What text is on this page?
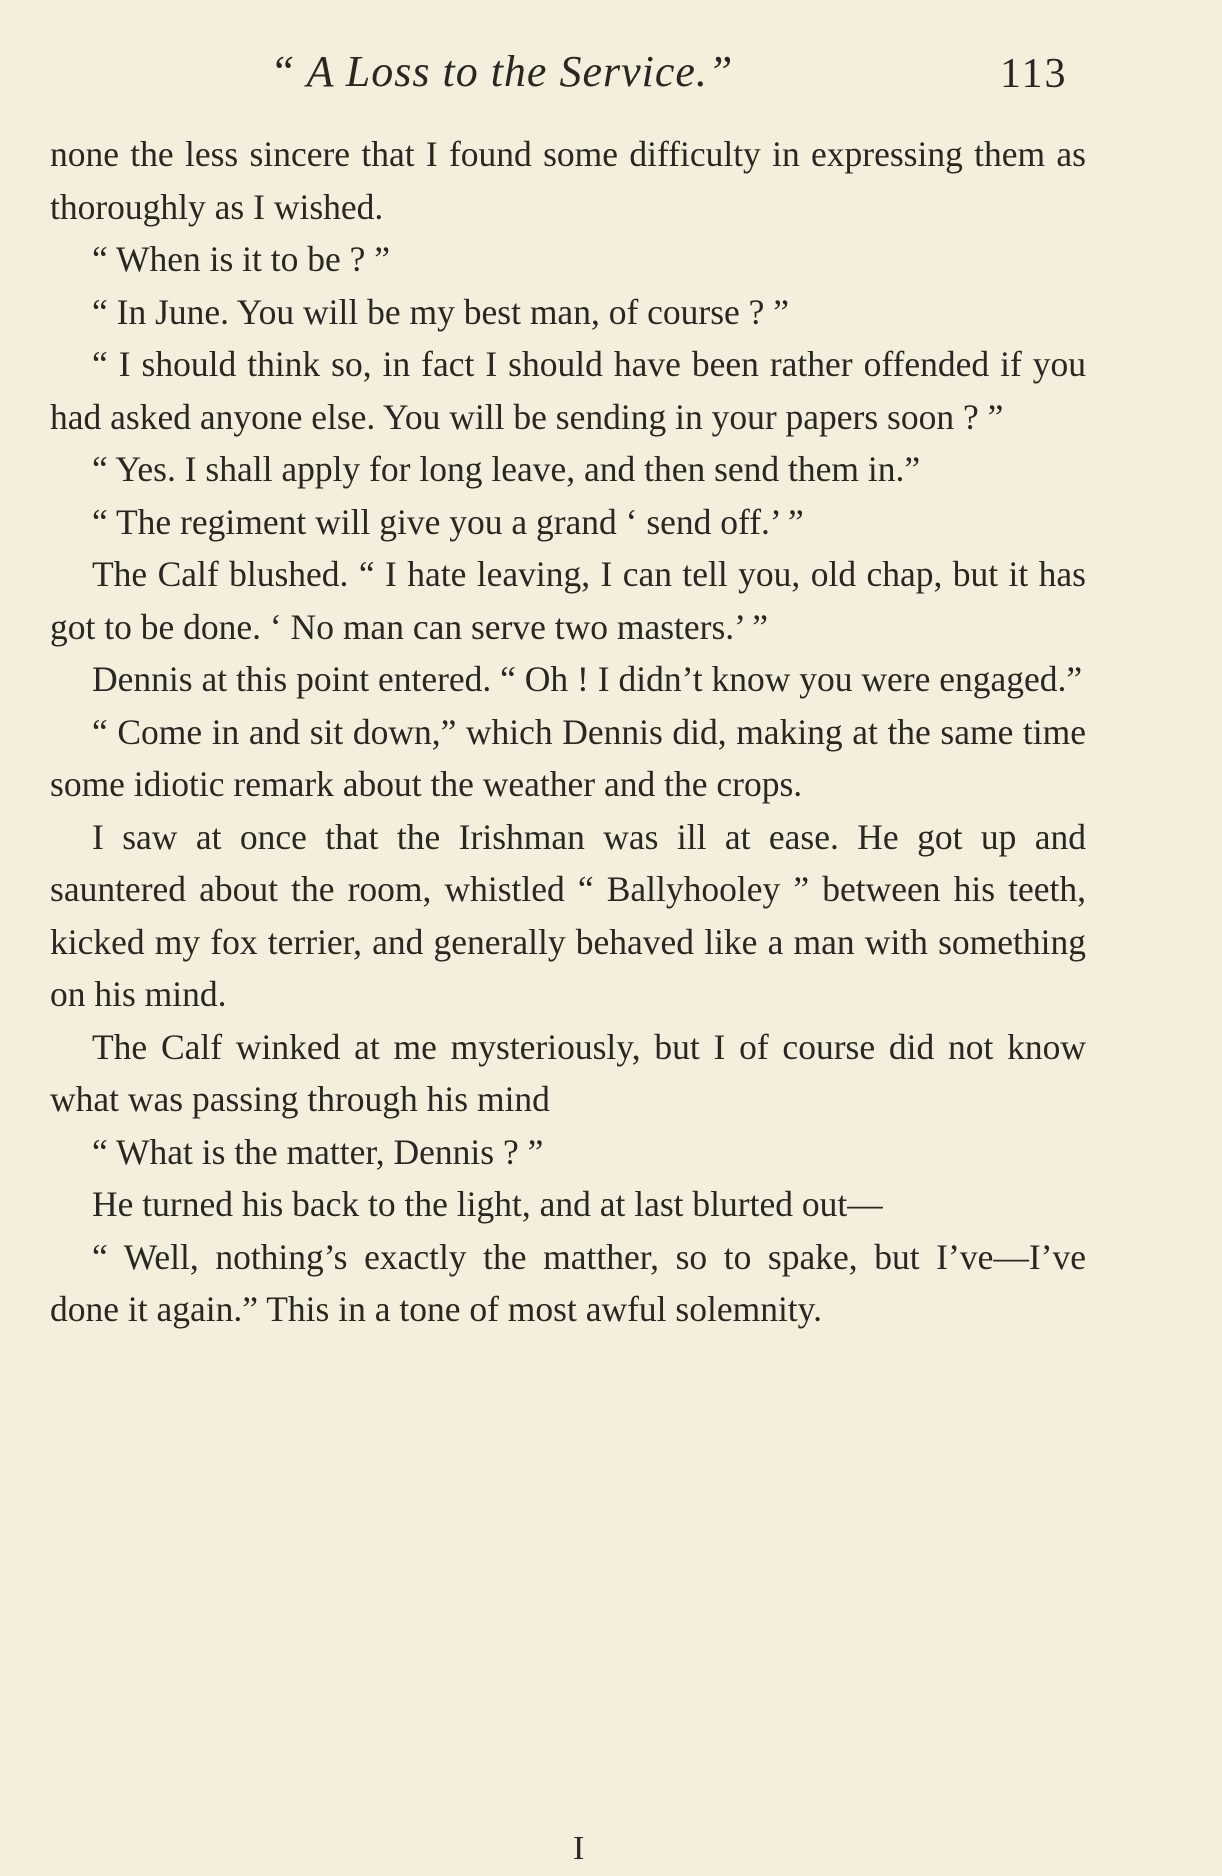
“ A Loss to the Service.”	113

none the less sincere that I found some difficulty in expressing them as thoroughly as I wished.

“ When is it to be ? ”

“ In June. You will be my best man, of course ? ”

“ I should think so, in fact I should have been rather offended if you had asked anyone else. You will be sending in your papers soon ? ”

“ Yes. I shall apply for long leave, and then send them in.”

“ The regiment will give you a grand ‘ send off.’ ”

The Calf blushed. “ I hate leaving, I can tell you, old chap, but it has got to be done. ‘ No man can serve two masters.’ ”

Dennis at this point entered. “ Oh ! I didn’t know you were engaged.”

“ Come in and sit down,” which Dennis did, making at the same time some idiotic remark about the weather and the crops.

I saw at once that the Irishman was ill at ease. He got up and sauntered about the room, whistled “ Ballyhooley ” between his teeth, kicked my fox terrier, and generally behaved like a man with something on his mind.

The Calf winked at me mysteriously, but I of course did not know what was passing through his mind

“ What is the matter, Dennis ? ”

He turned his back to the light, and at last blurted out—

“ Well, nothing’s exactly the matther, so to spake, but I’ve—I’ve done it again.” This in a tone of most awful solemnity.

I
